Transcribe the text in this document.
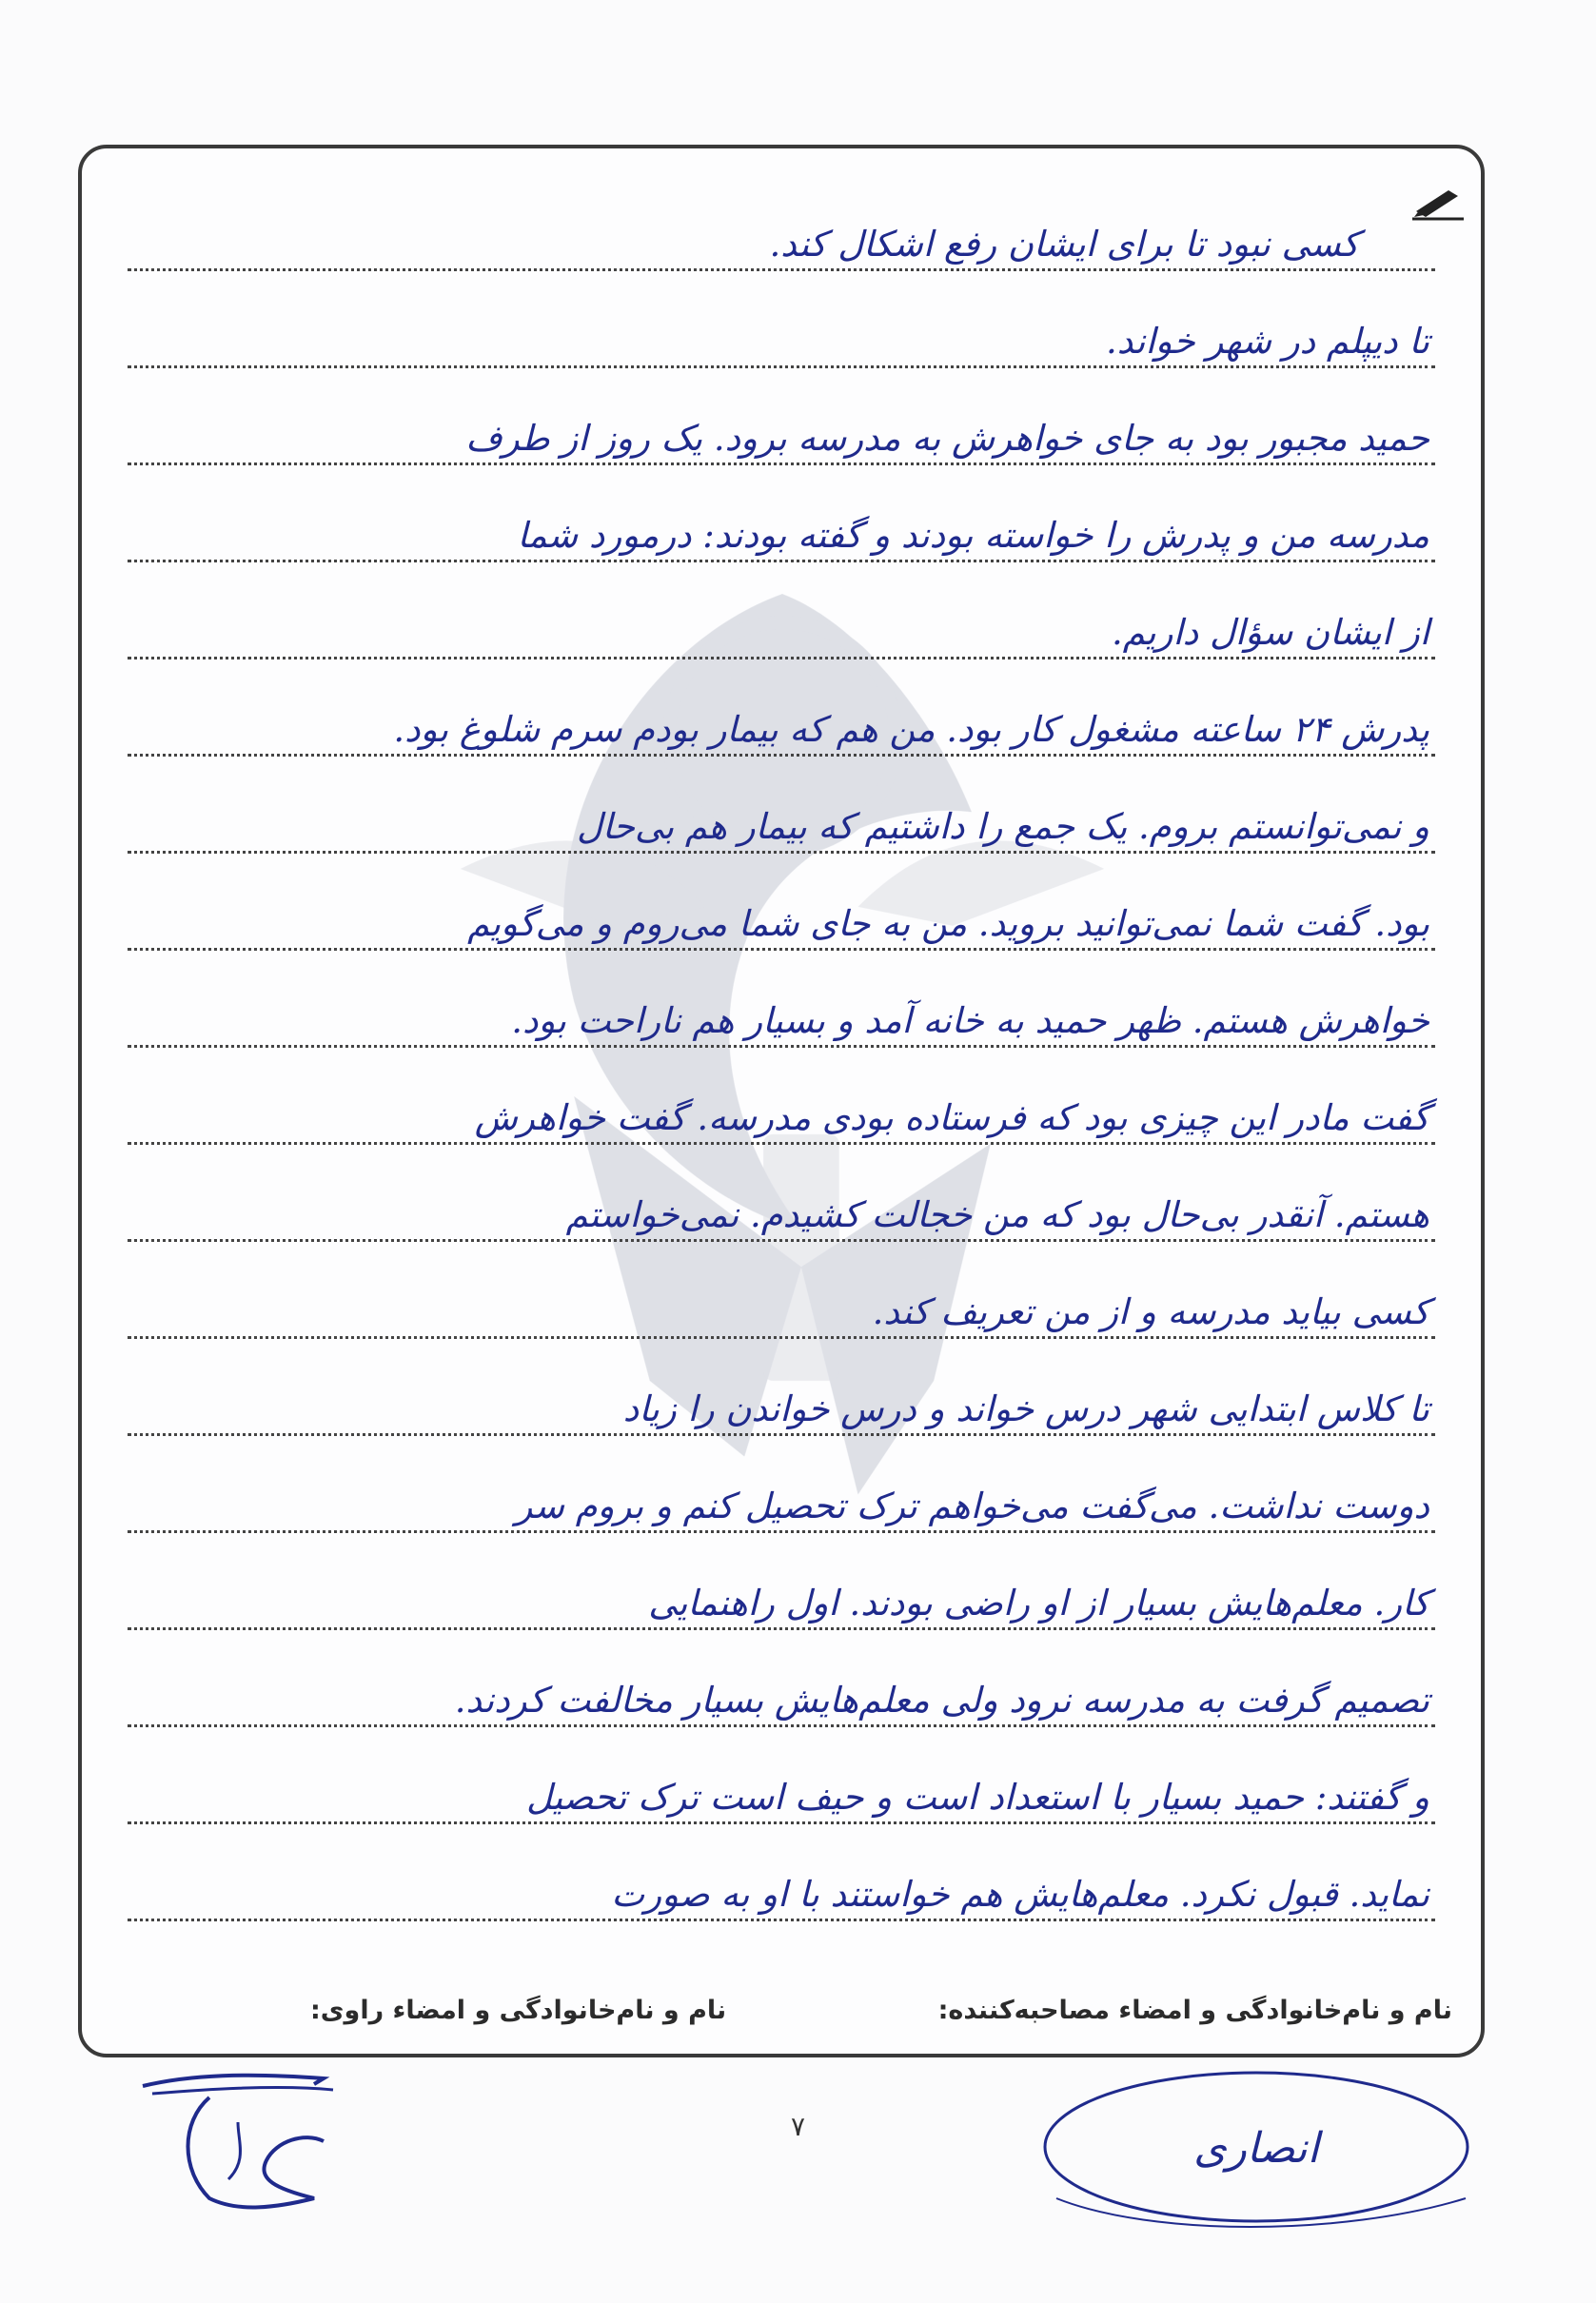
کسی نبود تا برای ایشان رفع اشکال کند.
تا دیپلم در شهر خواند.
حمید مجبور بود به جای خواهرش به مدرسه برود. یک روز از طرف
مدرسه من و پدرش را خواسته بودند و گفته بودند: درمورد شما
از ایشان سؤال داریم.
پدرش ۲۴ ساعته مشغول کار بود. من هم که بیمار بودم سرم شلوغ بود.
و نمی‌توانستم بروم. یک جمع را داشتیم که بیمار هم بی‌حال
بود. گفت شما نمی‌توانید بروید. من به جای شما می‌روم و می‌گویم
خواهرش هستم. ظهر حمید به خانه آمد و بسیار هم ناراحت بود.
گفت مادر این چیزی بود که فرستاده بودی مدرسه. گفت خواهرش
هستم. آنقدر بی‌حال بود که من خجالت کشیدم. نمی‌خواستم
کسی بیاید مدرسه و از من تعریف کند.
تا کلاس ابتدایی شهر درس خواند و درس خواندن را زیاد
دوست نداشت. می‌گفت می‌خواهم ترک تحصیل کنم و بروم سر
کار. معلم‌هایش بسیار از او راضی بودند. اول راهنمایی
تصمیم گرفت به مدرسه نرود ولی معلم‌هایش بسیار مخالفت کردند.
و گفتند: حمید بسیار با استعداد است و حیف است ترک تحصیل
نماید. قبول نکرد. معلم‌هایش هم خواستند با او به صورت
نام و نام‌خانوادگی و امضاء مصاحبه‌کننده:
نام و نام‌خانوادگی و امضاء راوی:
۷	انصاری
